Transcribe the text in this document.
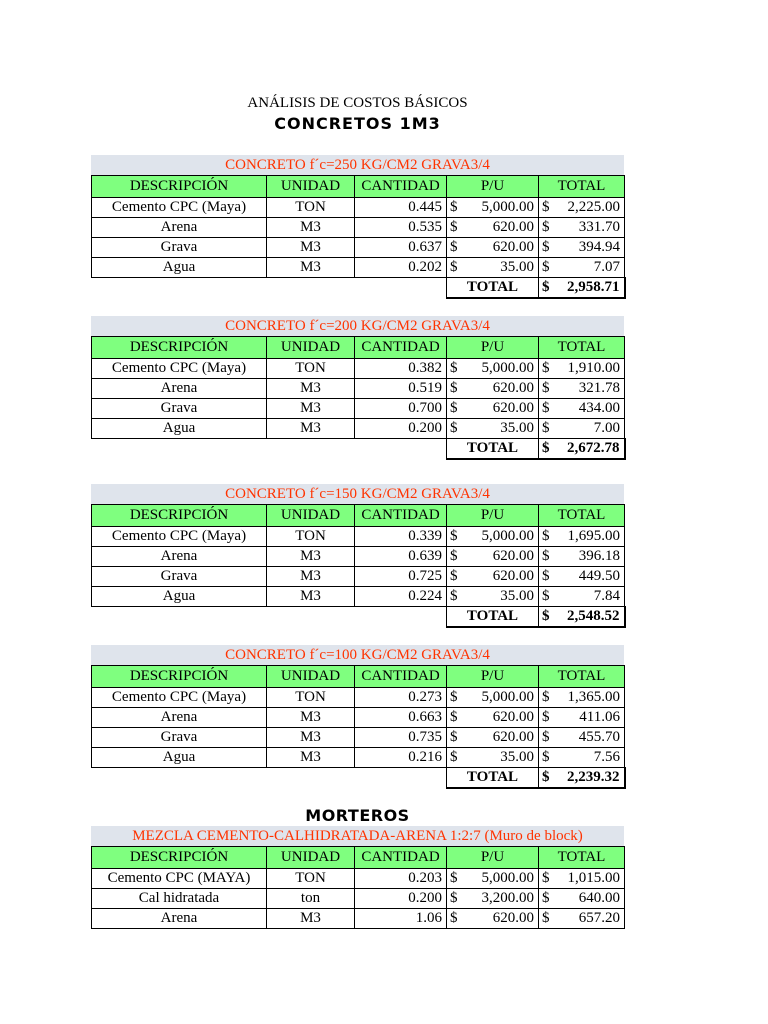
ANÁLISIS DE COSTOS BÁSICOS
CONCRETOS 1M3
MORTEROS
CONCRETO f´c=250 KG/CM2 GRAVA3/4
DESCRIPCIÓN	UNIDAD	CANTIDAD	P/U		TOTAL	
Cemento CPC (Maya)	TON	0.445	$	5,000.00	$	2,225.00
Arena	M3	0.535	$	620.00	$	331.70
Grava	M3	0.637	$	620.00	$	394.94
Agua	M3	0.202	$	35.00	$	7.07
			TOTAL		$	2,958.71
CONCRETO f´c=200 KG/CM2 GRAVA3/4
DESCRIPCIÓN	UNIDAD	CANTIDAD	P/U		TOTAL	
Cemento CPC (Maya)	TON	0.382	$	5,000.00	$	1,910.00
Arena	M3	0.519	$	620.00	$	321.78
Grava	M3	0.700	$	620.00	$	434.00
Agua	M3	0.200	$	35.00	$	7.00
			TOTAL		$	2,672.78
CONCRETO f´c=150 KG/CM2 GRAVA3/4
DESCRIPCIÓN	UNIDAD	CANTIDAD	P/U		TOTAL	
Cemento CPC (Maya)	TON	0.339	$	5,000.00	$	1,695.00
Arena	M3	0.639	$	620.00	$	396.18
Grava	M3	0.725	$	620.00	$	449.50
Agua	M3	0.224	$	35.00	$	7.84
			TOTAL		$	2,548.52
CONCRETO f´c=100 KG/CM2 GRAVA3/4
DESCRIPCIÓN	UNIDAD	CANTIDAD	P/U		TOTAL	
Cemento CPC (Maya)	TON	0.273	$	5,000.00	$	1,365.00
Arena	M3	0.663	$	620.00	$	411.06
Grava	M3	0.735	$	620.00	$	455.70
Agua	M3	0.216	$	35.00	$	7.56
			TOTAL		$	2,239.32
MEZCLA CEMENTO-CALHIDRATADA-ARENA 1:2:7 (Muro de block)
DESCRIPCIÓN	UNIDAD	CANTIDAD	P/U		TOTAL	
Cemento CPC (MAYA)	TON	0.203	$	5,000.00	$	1,015.00
Cal hidratada	ton	0.200	$	3,200.00	$	640.00
Arena	M3	1.06	$	620.00	$	657.20
